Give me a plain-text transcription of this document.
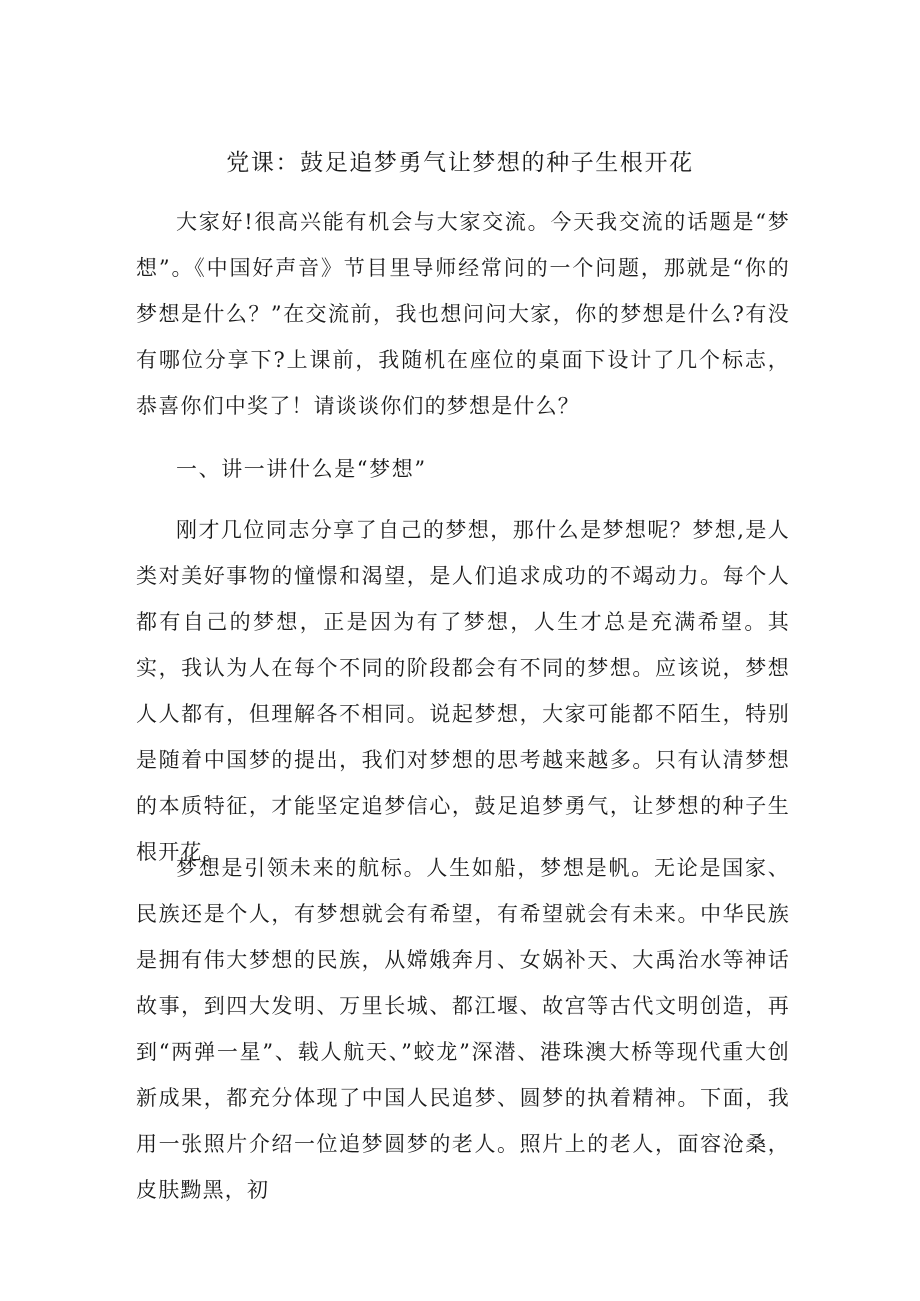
党课：鼓足追梦勇气让梦想的种子生根开花

大家好!很高兴能有机会与大家交流。今天我交流的话题是“梦想”。《中国好声音》节目里导师经常问的一个问题，那就是“你的梦想是什么？”在交流前，我也想问问大家，你的梦想是什么?有没有哪位分享下?上课前，我随机在座位的桌面下设计了几个标志，恭喜你们中奖了！请谈谈你们的梦想是什么？

一、讲一讲什么是“梦想”

刚才几位同志分享了自己的梦想，那什么是梦想呢？梦想,是人类对美好事物的憧憬和渴望，是人们追求成功的不竭动力。每个人都有自己的梦想，正是因为有了梦想，人生才总是充满希望。其实，我认为人在每个不同的阶段都会有不同的梦想。应该说，梦想人人都有，但理解各不相同。说起梦想，大家可能都不陌生，特别是随着中国梦的提出，我们对梦想的思考越来越多。只有认清梦想的本质特征，才能坚定追梦信心，鼓足追梦勇气，让梦想的种子生根开花。

梦想是引领未来的航标。人生如船，梦想是帆。无论是国家、民族还是个人，有梦想就会有希望，有希望就会有未来。中华民族是拥有伟大梦想的民族，从嫦娥奔月、女娲补天、大禹治水等神话故事，到四大发明、万里长城、都江堰、故宫等古代文明创造，再到“两弹一星”、载人航天、”蛟龙”深潜、港珠澳大桥等现代重大创新成果，都充分体现了中国人民追梦、圆梦的执着精神。下面，我用一张照片介绍一位追梦圆梦的老人。照片上的老人，面容沧桑，皮肤黝黑，初
